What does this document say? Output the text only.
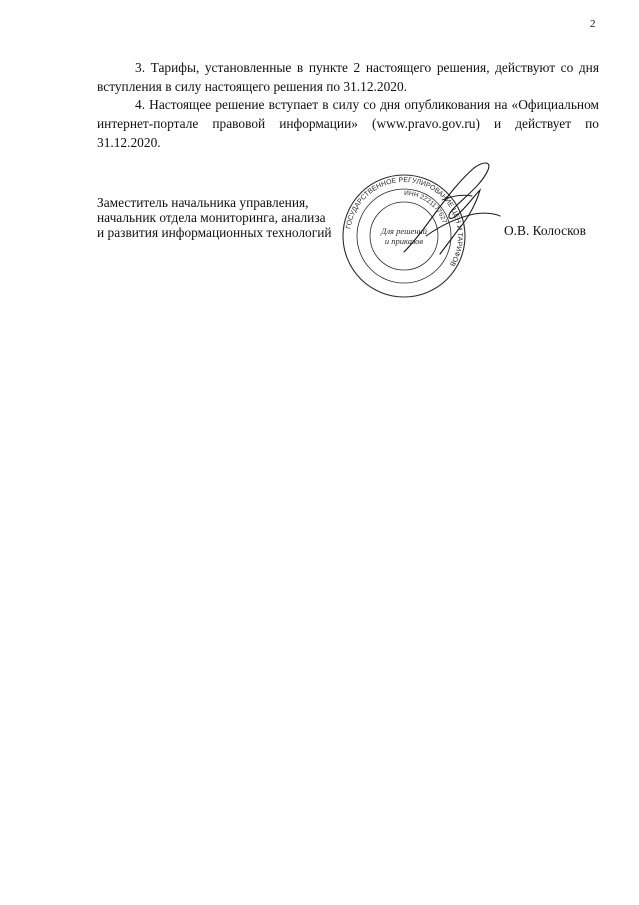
2

3. Тарифы, установленные в пункте 2 настоящего решения, действуют со дня вступления в силу настоящего решения по 31.12.2020.

4. Настоящее решение вступает в силу со дня опубликования на «Официальном интернет-портале правовой информации» (www.pravo.gov.ru) и действует по 31.12.2020.

Заместитель начальника управления,
начальник отдела мониторинга, анализа
и развития информационных технологий ГОСУДАРСТВЕННОЕ РЕГУЛИРОВАНИЕ ЦЕН И ТАРИФОВ
ИНН 2221177627
Для решений
и приказов
О.В. Колосков
